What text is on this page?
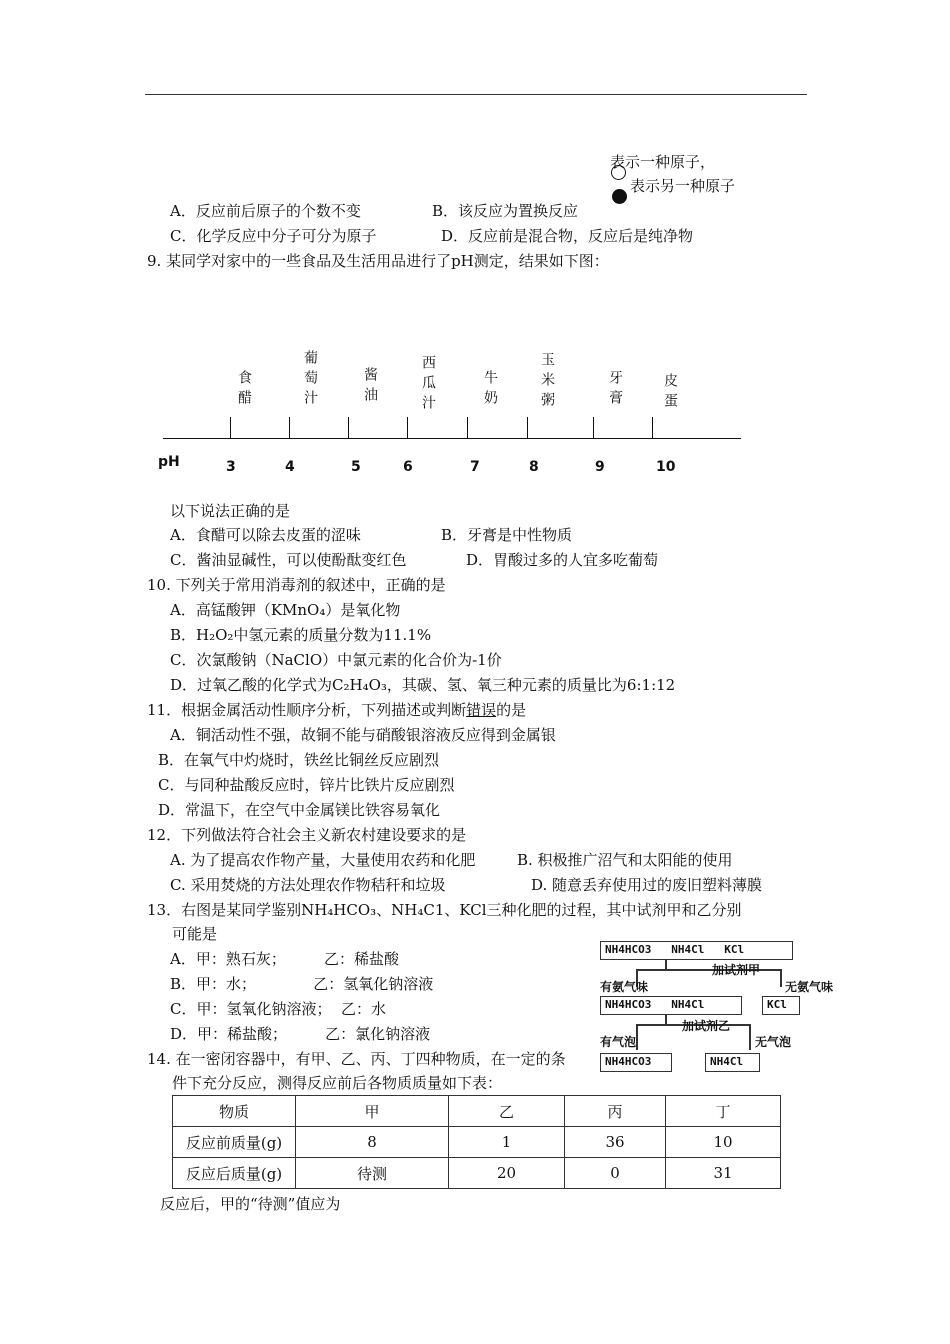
表示一种原子，
表示另一种原子
A．反应前后原子的个数不变	B．该反应为置换反应
C．化学反应中分子可分为原子	D．反应前是混合物，反应后是纯净物
9. 某同学对家中的一些食品及生活用品进行了pH测定，结果如下图：
食醋	葡萄汁	酱油	西瓜汁	牛奶	玉米粥	牙膏	皮蛋
pH	3	4	5	6	7	8	9	10
以下说法正确的是
A．食醋可以除去皮蛋的涩味	B．牙膏是中性物质
C．酱油显碱性，可以使酚酞变红色	D．胃酸过多的人宜多吃葡萄
10. 下列关于常用消毒剂的叙述中，正确的是
A．高锰酸钾（KMnO₄）是氧化物
B．H₂O₂中氢元素的质量分数为11.1%
C．次氯酸钠（NaClO）中氯元素的化合价为-1价
D．过氧乙酸的化学式为C₂H₄O₃，其碳、氢、氧三种元素的质量比为6:1:12
11．根据金属活动性顺序分析，下列描述或判断错误的是
A．铜活动性不强，故铜不能与硝酸银溶液反应得到金属银
B．在氧气中灼烧时，铁丝比铜丝反应剧烈
C．与同种盐酸反应时，锌片比铁片反应剧烈
D．常温下，在空气中金属镁比铁容易氧化
12．下列做法符合社会主义新农村建设要求的是
A. 为了提高农作物产量，大量使用农药和化肥	B. 积极推广沼气和太阳能的使用
C. 采用焚烧的方法处理农作物秸秆和垃圾	D. 随意丢弃使用过的废旧塑料薄膜
13．右图是某同学鉴别NH₄HCO₃、NH₄C1、KCl三种化肥的过程，其中试剂甲和乙分别
可能是
A．甲：熟石灰；        乙：稀盐酸
B．甲：水；            乙：氢氧化钠溶液
C．甲：氢氧化钠溶液；  乙：水
D．甲：稀盐酸；        乙：氯化钠溶液
NH4HCO3   NH4Cl   KCl
加试剂甲
有氨气味	无氨气味
NH4HCO3   NH4Cl	KCl
加试剂乙
有气泡	无气泡
NH4HCO3	NH4Cl
14. 在一密闭容器中，有甲、乙、丙、丁四种物质，在一定的条
件下充分反应，测得反应前后各物质质量如下表：
物质	甲	乙	丙	丁
反应前质量(g)	8	1	36	10
反应后质量(g)	待测	20	0	31
反应后，甲的“待测”值应为
